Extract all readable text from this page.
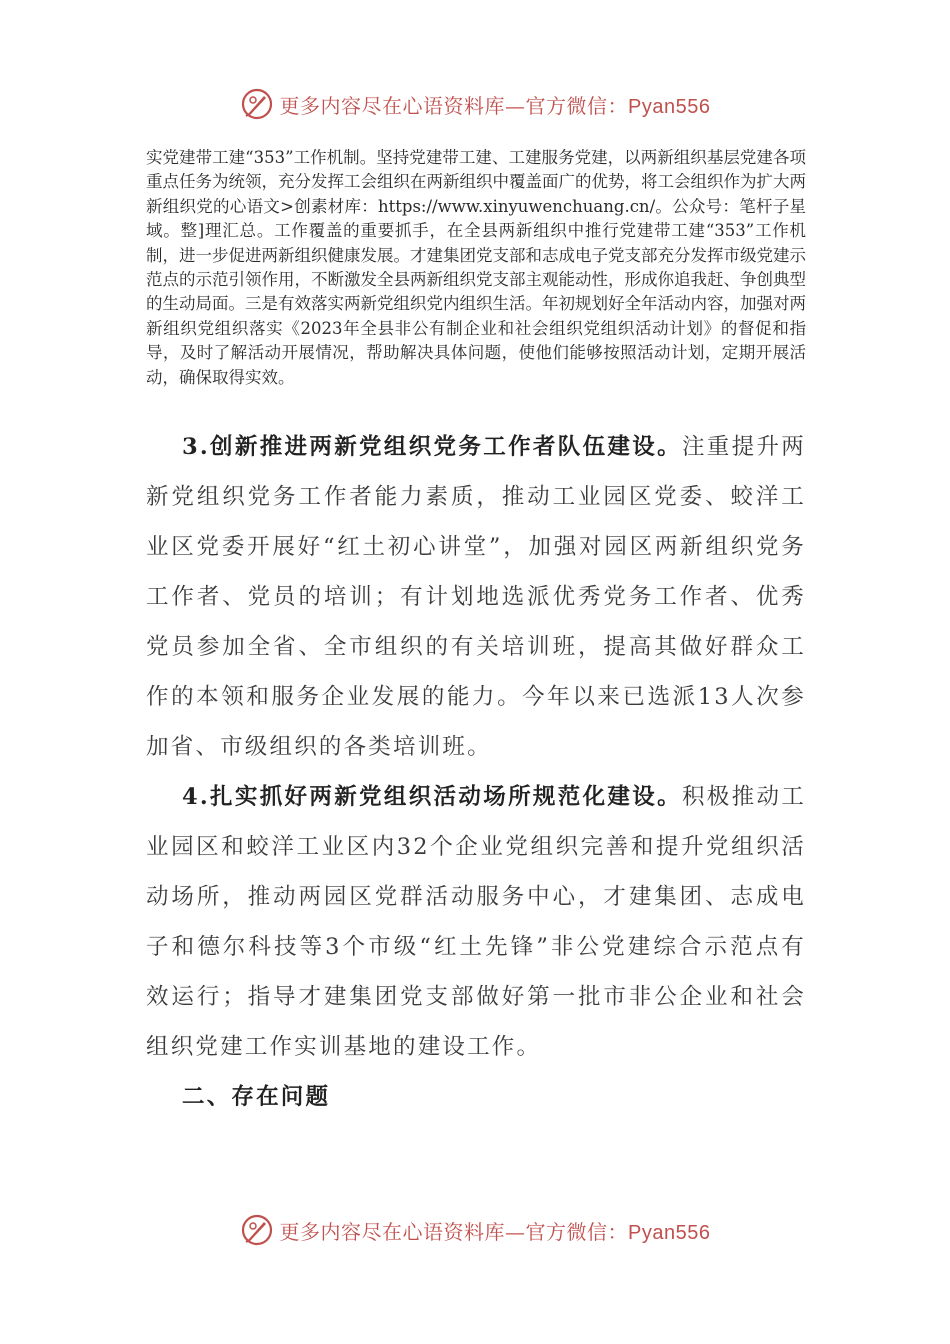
更多内容尽在心语资料库—官方微信：Pyan556

实党建带工建“353”工作机制。坚持党建带工建、工建服务党建，以两新组织基层党建各项重点任务为统领，充分发挥工会组织在两新组织中覆盖面广的优势，将工会组织作为扩大两新组织党的心语文>创素材库：https://www.xinyuwenchuang.cn/。公众号：笔杆子星域。整]理汇总。工作覆盖的重要抓手，在全县两新组织中推行党建带工建“353”工作机制，进一步促进两新组织健康发展。才建集团党支部和志成电子党支部充分发挥市级党建示范点的示范引领作用，不断激发全县两新组织党支部主观能动性，形成你追我赶、争创典型的生动局面。三是有效落实两新党组织党内组织生活。年初规划好全年活动内容，加强对两新组织党组织落实《2023年全县非公有制企业和社会组织党组织活动计划》的督促和指导，及时了解活动开展情况，帮助解决具体问题，使他们能够按照活动计划，定期开展活动，确保取得实效。

3.创新推进两新党组织党务工作者队伍建设。注重提升两新党组织党务工作者能力素质，推动工业园区党委、蛟洋工业区党委开展好“红土初心讲堂”，加强对园区两新组织党务工作者、党员的培训；有计划地选派优秀党务工作者、优秀党员参加全省、全市组织的有关培训班，提高其做好群众工作的本领和服务企业发展的能力。今年以来已选派13人次参加省、市级组织的各类培训班。

4.扎实抓好两新党组织活动场所规范化建设。积极推动工业园区和蛟洋工业区内32个企业党组织完善和提升党组织活动场所，推动两园区党群活动服务中心，才建集团、志成电子和德尔科技等3个市级“红土先锋”非公党建综合示范点有效运行；指导才建集团党支部做好第一批市非公企业和社会组织党建工作实训基地的建设工作。

二、存在问题
更多内容尽在心语资料库—官方微信：Pyan556
